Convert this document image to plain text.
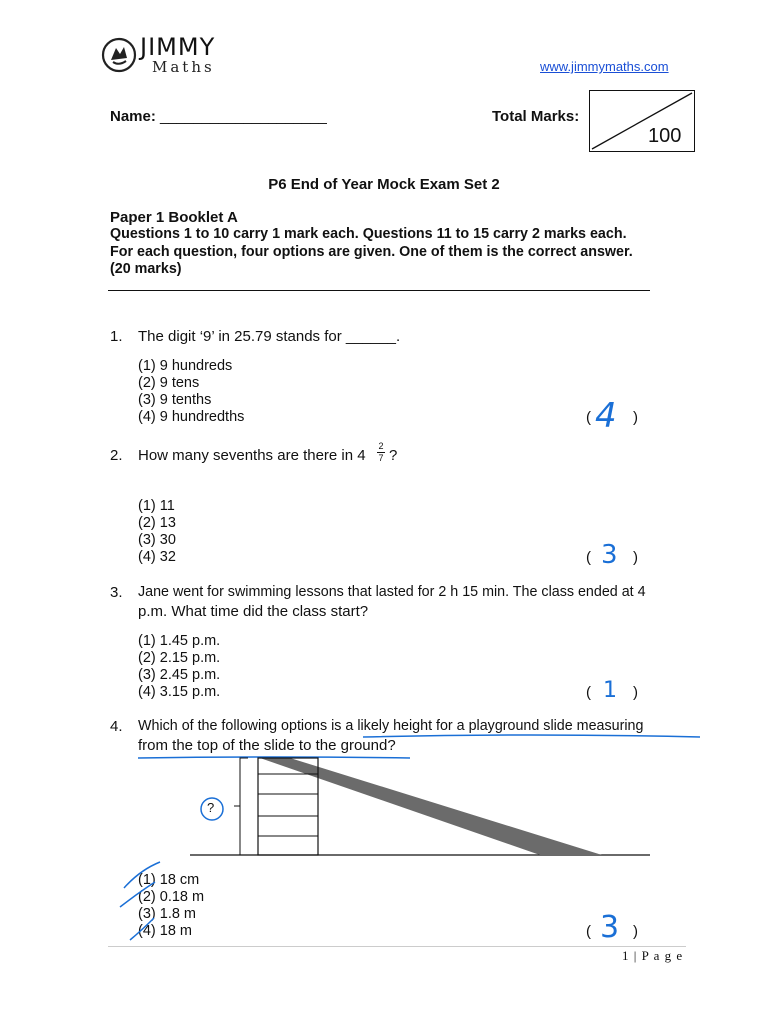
JIMMY
Maths	www.jimmymaths.com
Name: ____________________	Total Marks:
100
P6 End of Year Mock Exam Set 2
Paper 1 Booklet A
Questions 1 to 10 carry 1 mark each. Questions 11 to 15 carry 2 marks each.
For each question, four options are given. One of them is the correct answer.
(20 marks)
1. The digit ‘9’ in 25.79 stands for ______.
(1) 9 hundreds
(2) 9 tens
(3) 9 tenths
(4) 9 hundredths	( 4 )
2. How many sevenths are there in 4
2
7 ?
(1) 11
(2) 13
(3) 30
(4) 32	( 3 )
3. Jane went for swimming lessons that lasted for 2 h 15 min. The class ended at 4
p.m. What time did the class start?
(1) 1.45 p.m.
(2) 2.15 p.m.
(3) 2.45 p.m.
(4) 3.15 p.m.	( 1 )
4. Which of the following options is a likely height for a playground slide measuring
from the top of the slide to the ground?
?
(1) 18 cm
(2) 0.18 m
(3) 1.8 m
(4) 18 m	( 3 )
1 | P a g e
